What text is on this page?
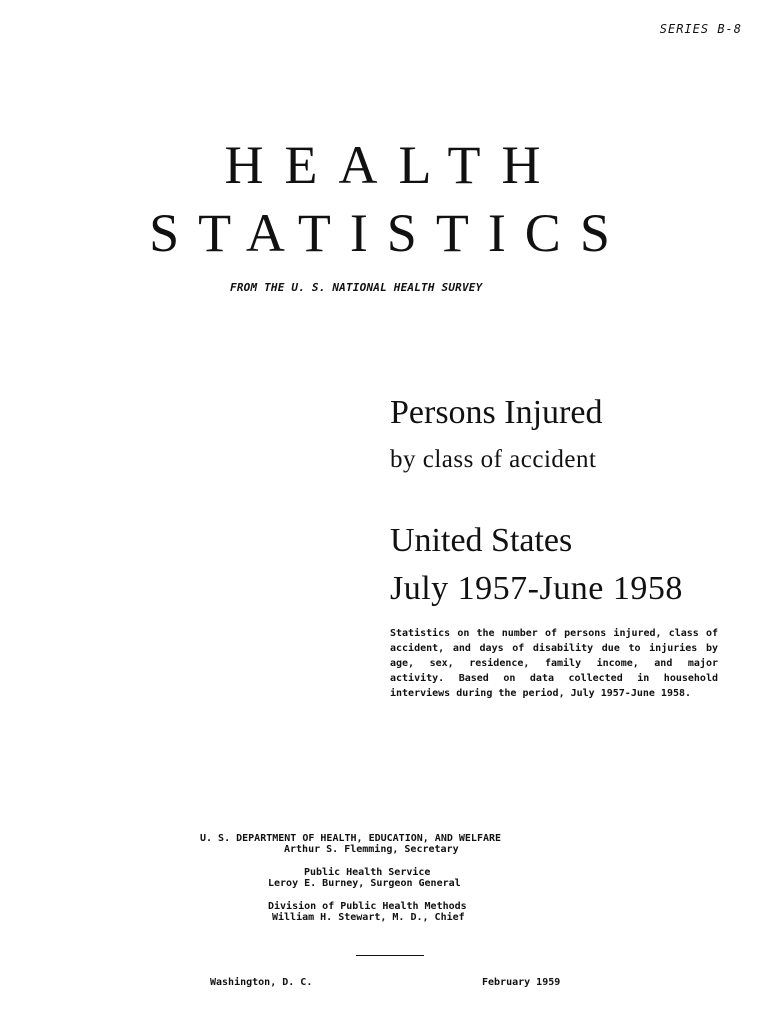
SERIES B-8
HEALTH
STATISTICS
FROM THE U. S. NATIONAL HEALTH SURVEY
Persons Injured
by class of accident
United States
July 1957-June 1958
Statistics on the number of persons injured, class of accident, and days of disability due to injuries by age, sex, residence, family income, and major activity. Based on data collected in household interviews during the period, July 1957-June 1958.
U. S. DEPARTMENT OF HEALTH, EDUCATION, AND WELFARE
Arthur S. Flemming, Secretary
Public Health Service
Leroy E. Burney, Surgeon General
Division of Public Health Methods
William H. Stewart, M. D., Chief
Washington, D. C.	February 1959
